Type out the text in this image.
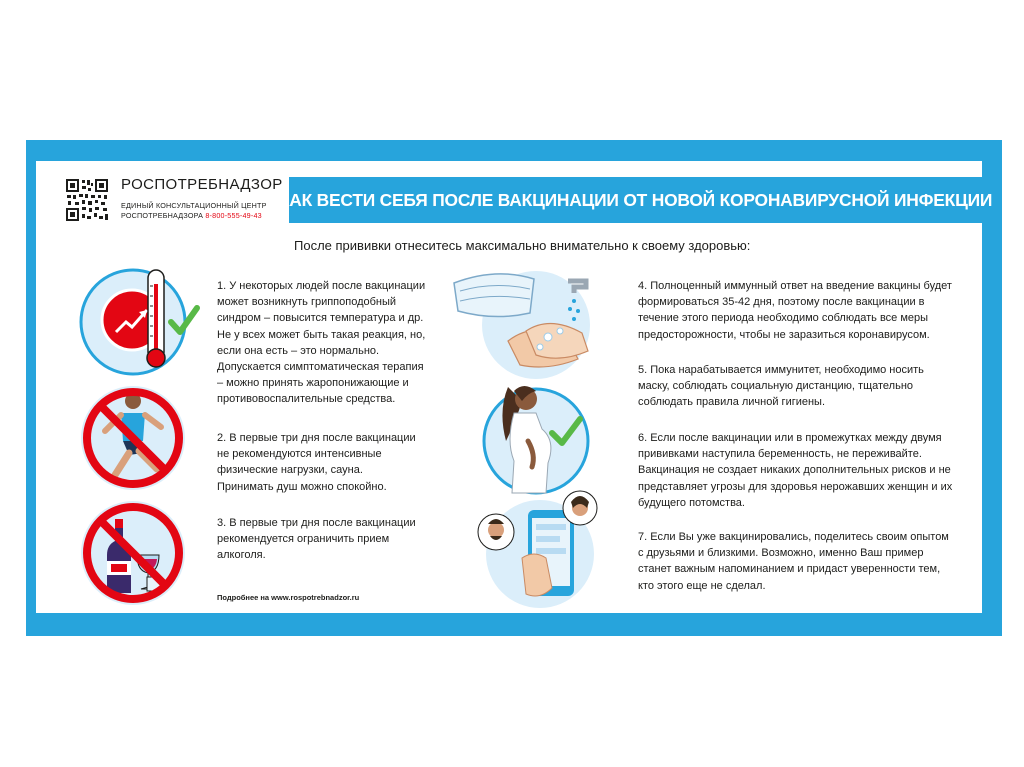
РОСПОТРЕБНАДЗОР
ЕДИНЫЙ КОНСУЛЬТАЦИОННЫЙ ЦЕНТР
РОСПОТРЕБНАДЗОРА 8-800-555-49-43
КАК ВЕСТИ СЕБЯ ПОСЛЕ ВАКЦИНАЦИИ ОТ НОВОЙ КОРОНАВИРУСНОЙ ИНФЕКЦИИ
После прививки отнеситесь максимально внимательно к своему здоровью:

1. У некоторых людей после вакцинации

может возникнуть гриппоподобный

синдром – повысится температура и др.

Не у всех может быть такая реакция, но,

если она есть – это нормально.

Допускается симптоматическая терапия

– можно принять жаропонижающие и

противовоспалительные средства.

2. В первые три дня после вакцинации

не рекомендуются интенсивные

физические нагрузки, сауна.

Принимать душ можно спокойно.

3. В первые три дня после вакцинации

рекомендуется ограничить прием

алкоголя.

Подробнее на www.rospotrebnadzor.ru

4. Полноценный иммунный ответ на введение вакцины будет

формироваться 35-42 дня, поэтому после вакцинации в

течение этого периода необходимо соблюдать все меры

предосторожности, чтобы не заразиться коронавирусом.

5. Пока нарабатывается иммунитет, необходимо носить

маску, соблюдать социальную дистанцию, тщательно

соблюдать правила личной гигиены.

6. Если после вакцинации или в промежутках между двумя

прививками наступила беременность, не переживайте.

Вакцинация не создает никаких дополнительных рисков и не

представляет угрозы для здоровья нерожавших женщин и их

будущего потомства.

7. Если Вы уже вакцинировались, поделитесь своим опытом

с друзьями и близкими. Возможно, именно Ваш пример

станет важным напоминанием и придаст уверенности тем,

кто этого еще не сделал.
